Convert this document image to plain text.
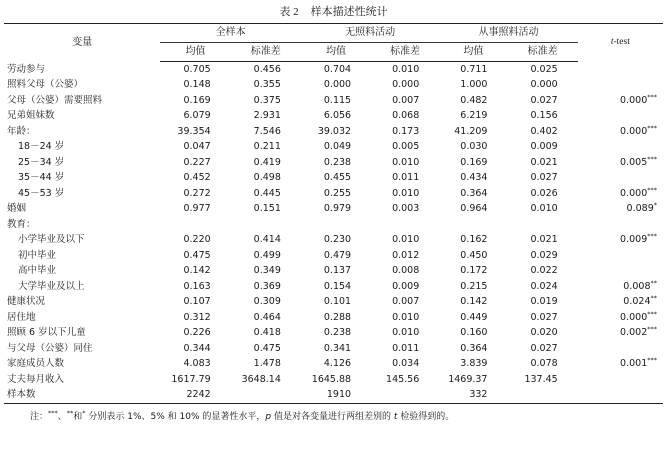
表 2 样本描述性统计
变量	全样本		无照料活动		从事照料活动		t-test
	均值	标准差	均值	标准差	均值	标准差	
劳动参与	0.705	0.456	0.704	0.010	0.711	0.025	
照料父母（公婆）	0.148	0.355	0.000	0.000	1.000	0.000	
父母（公婆）需要照料	0.169	0.375	0.115	0.007	0.482	0.027	0.000***
兄弟姐妹数	6.079	2.931	6.056	0.068	6.219	0.156	
年龄：	39.354	7.546	39.032	0.173	41.209	0.402	0.000***
18－24 岁	0.047	0.211	0.049	0.005	0.030	0.009	
25－34 岁	0.227	0.419	0.238	0.010	0.169	0.021	0.005***
35－44 岁	0.452	0.498	0.455	0.011	0.434	0.027	
45－53 岁	0.272	0.445	0.255	0.010	0.364	0.026	0.000***
婚姻	0.977	0.151	0.979	0.003	0.964	0.010	0.089*
教育：							
小学毕业及以下	0.220	0.414	0.230	0.010	0.162	0.021	0.009***
初中毕业	0.475	0.499	0.479	0.012	0.450	0.029	
高中毕业	0.142	0.349	0.137	0.008	0.172	0.022	
大学毕业及以上	0.163	0.369	0.154	0.009	0.215	0.024	0.008**
健康状况	0.107	0.309	0.101	0.007	0.142	0.019	0.024**
居住地	0.312	0.464	0.288	0.010	0.449	0.027	0.000***
照顾 6 岁以下儿童	0.226	0.418	0.238	0.010	0.160	0.020	0.002***
与父母（公婆）同住	0.344	0.475	0.341	0.011	0.364	0.027	
家庭成员人数	4.083	1.478	4.126	0.034	3.839	0.078	0.001***
丈夫每月收入	1617.79	3648.14	1645.88	145.56	1469.37	137.45	
样本数	2242		1910		332		
注：***、**和* 分别表示 1%、5% 和 10% 的显著性水平，p 值是对各变量进行两组差别的 t 检验得到的。
